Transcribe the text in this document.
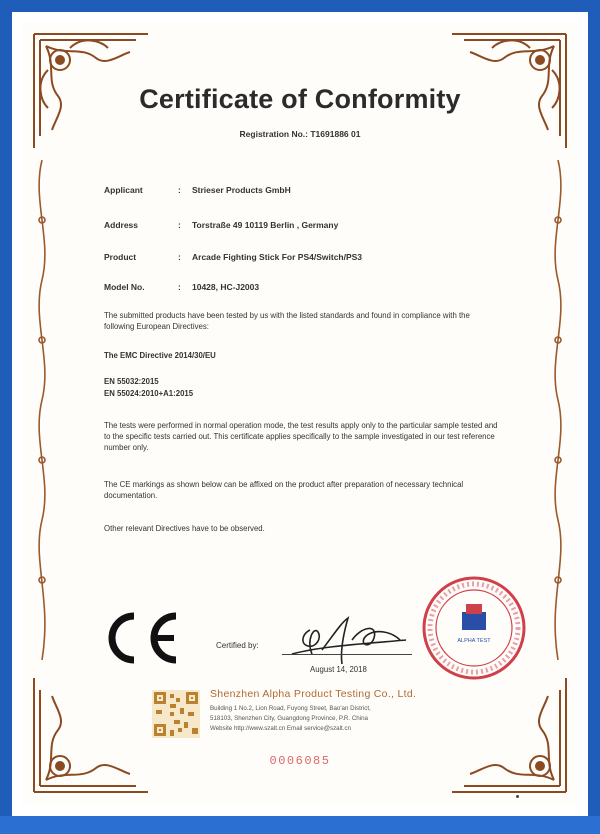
Certificate of Conformity
Registration No.: T1691886 01
Applicant	: Strieser Products GmbH
Address	: Torstraße 49 10119 Berlin , Germany
Product	: Arcade Fighting Stick For PS4/Switch/PS3
Model No.	: 10428, HC-J2003
The submitted products have been tested by us with the listed standards and found in compliance with the following European Directives:
The EMC Directive 2014/30/EU
EN 55032:2015
EN 55024:2010+A1:2015
The tests were performed in normal operation mode, the test results apply only to the particular sample tested and to the specific tests carried out. This certificate applies specifically to the sample investigated in our test reference number only.
The CE markings as shown below can be affixed on the product after preparation of necessary technical documentation.
Other relevant Directives have to be observed.
Certified by:
August 14, 2018
ALPHA TEST
Shenzhen Alpha Product Testing Co., Ltd.
Building 1 No.2, Lion Road, Fuyong Street, Bao'an District,
518103, Shenzhen City, Guangdong Province, P.R. China
Website http://www.szalt.cn Email service@szalt.cn
0006085
